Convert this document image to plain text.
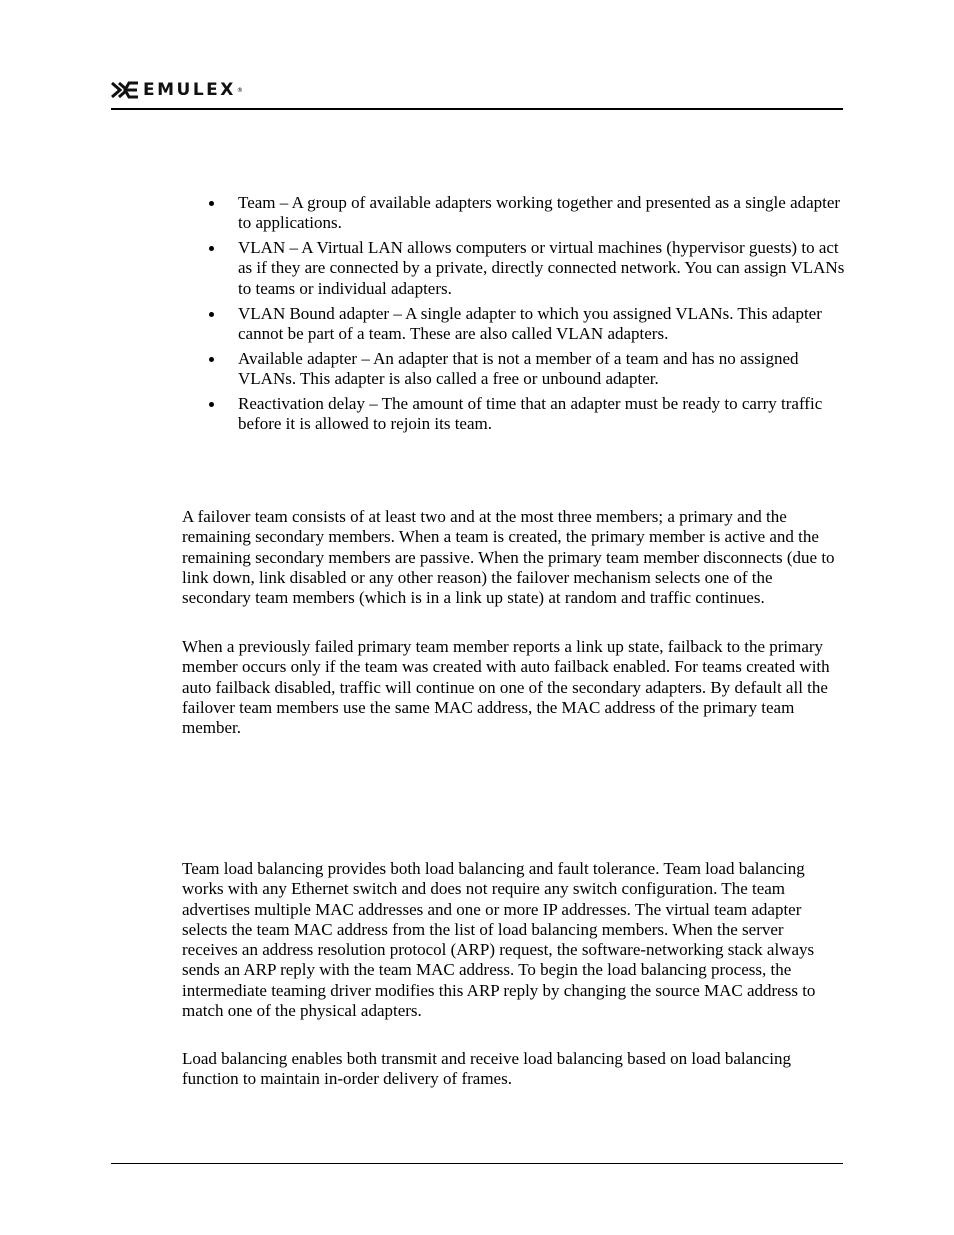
EMULEX ®
Team – A group of available adapters working together and presented as a single adapter to applications.
VLAN – A Virtual LAN allows computers or virtual machines (hypervisor guests) to act as if they are connected by a private, directly connected network. You can assign VLANs to teams or individual adapters.
VLAN Bound adapter – A single adapter to which you assigned VLANs. This adapter cannot be part of a team. These are also called VLAN adapters.
Available adapter – An adapter that is not a member of a team and has no assigned VLANs. This adapter is also called a free or unbound adapter.
Reactivation delay – The amount of time that an adapter must be ready to carry traffic before it is allowed to rejoin its team.

A failover team consists of at least two and at the most three members; a primary and the remaining secondary members. When a team is created, the primary member is active and the remaining secondary members are passive. When the primary team member disconnects (due to link down, link disabled or any other reason) the failover mechanism selects one of the secondary team members (which is in a link up state) at random and traffic continues.

When a previously failed primary team member reports a link up state, failback to the primary member occurs only if the team was created with auto failback enabled. For teams created with auto failback disabled, traffic will continue on one of the secondary adapters. By default all the failover team members use the same MAC address, the MAC address of the primary team member.

Team load balancing provides both load balancing and fault tolerance. Team load balancing works with any Ethernet switch and does not require any switch configuration. The team advertises multiple MAC addresses and one or more IP addresses. The virtual team adapter selects the team MAC address from the list of load balancing members. When the server receives an address resolution protocol (ARP) request, the software-networking stack always sends an ARP reply with the team MAC address. To begin the load balancing process, the intermediate teaming driver modifies this ARP reply by changing the source MAC address to match one of the physical adapters.

Load balancing enables both transmit and receive load balancing based on load balancing function to maintain in-order delivery of frames.
